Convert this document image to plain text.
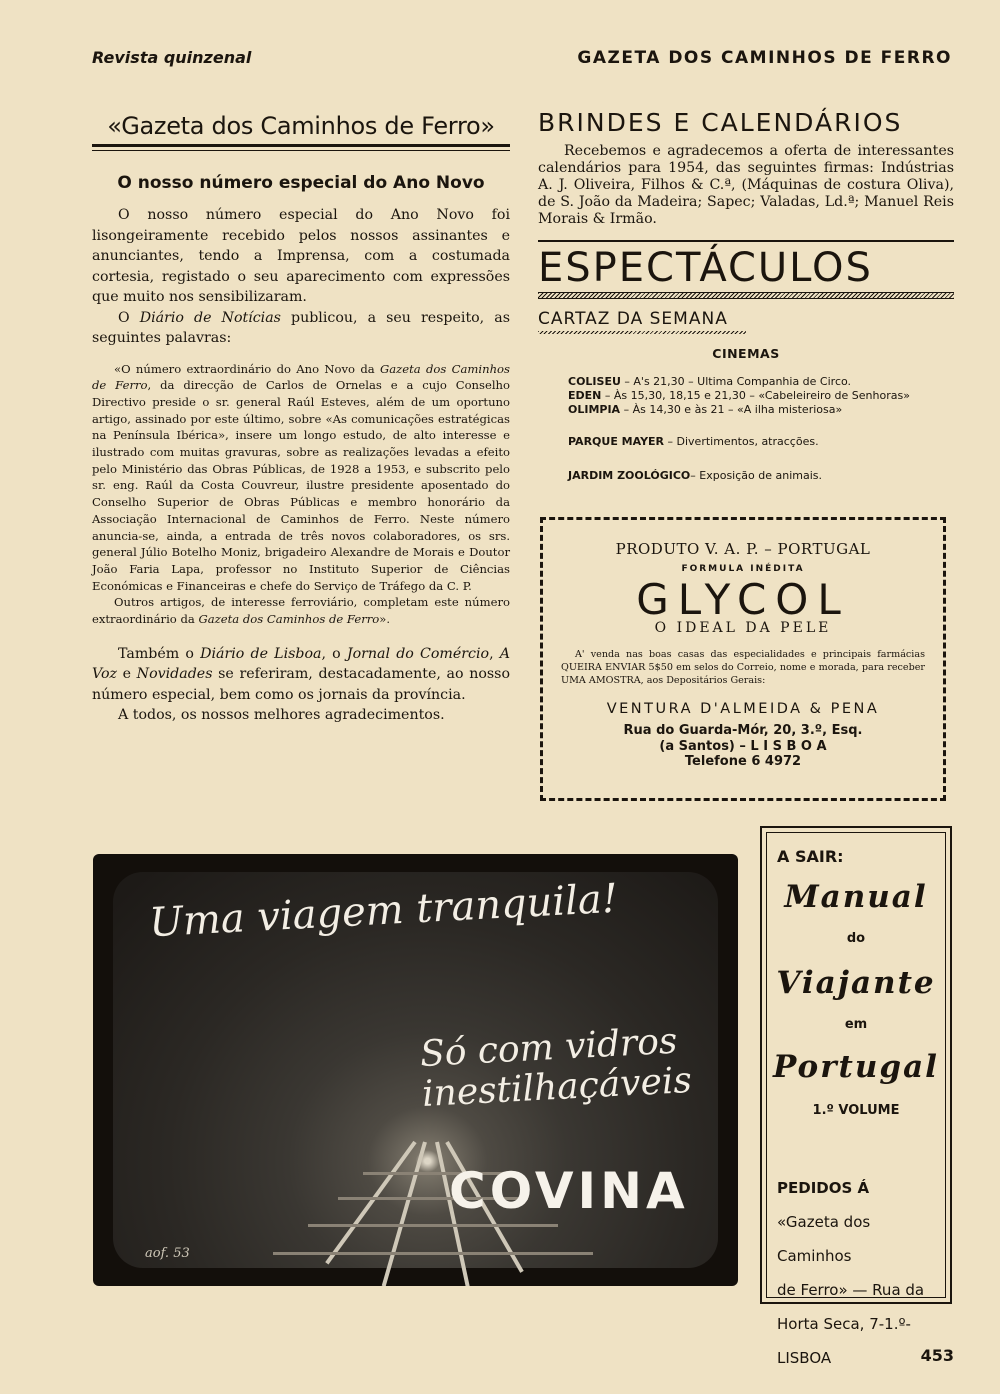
Revista quinzenal	GAZETA DOS CAMINHOS DE FERRO
«Gazeta dos Caminhos de Ferro»
O nosso número especial do Ano Novo

O nosso número especial do Ano Novo foi lisongeiramente recebido pelos nossos assinantes e anunciantes, tendo a Imprensa, com a costumada cortesia, registado o seu aparecimento com expressões que muito nos sensibilizaram.

O Diário de Notícias publicou, a seu respeito, as seguintes palavras:

«O número extraordinário do Ano Novo da Gazeta dos Caminhos de Ferro, da direcção de Carlos de Ornelas e a cujo Conselho Directivo preside o sr. general Raúl Esteves, além de um oportuno artigo, assinado por este último, sobre «As comunicações estratégicas na Península Ibérica», insere um longo estudo, de alto interesse e ilustrado com muitas gravuras, sobre as realizações levadas a efeito pelo Ministério das Obras Públicas, de 1928 a 1953, e subscrito pelo sr. eng. Raúl da Costa Couvreur, ilustre presidente aposentado do Conselho Superior de Obras Públicas e membro honorário da Associação Internacional de Caminhos de Ferro. Neste número anuncia-se, ainda, a entrada de três novos colaboradores, os srs. general Júlio Botelho Moniz, brigadeiro Alexandre de Morais e Doutor João Faria Lapa, professor no Instituto Superior de Ciências Económicas e Financeiras e chefe do Serviço de Tráfego da C. P.

Outros artigos, de interesse ferroviário, completam este número extraordinário da Gazeta dos Caminhos de Ferro».

Também o Diário de Lisboa, o Jornal do Comércio, A Voz e Novidades se referiram, destacadamente, ao nosso número especial, bem como os jornais da província.

A todos, os nossos melhores agradecimentos.

BRINDES E CALENDÁRIOS
Recebemos e agradecemos a oferta de interessantes calendários para 1954, das seguintes firmas: Indústrias A. J. Oliveira, Filhos & C.ª, (Máquinas de costura Oliva), de S. João da Madeira; Sapec; Valadas, Ld.ª; Manuel Reis Morais & Irmão.
ESPECTÁCULOS
CARTAZ DA SEMANA
CINEMAS
COLISEU – A's 21,30 – Ultima Companhia de Circo.
EDEN – Às 15,30, 18,15 e 21,30 – «Cabeleireiro de Senhoras»
OLIMPIA – Às 14,30 e às 21 – «A ilha misteriosa»
PARQUE MAYER – Divertimentos, atracções.
JARDIM ZOOLÓGICO– Exposição de animais.
PRODUTO V. A. P. – PORTUGAL
FORMULA INÉDITA
GLYCOL
O IDEAL DA PELE
A' venda nas boas casas das especialidades e principais farmácias QUEIRA ENVIAR 5$50 em selos do Correio, nome e morada, para receber UMA AMOSTRA, aos Depositários Gerais:
VENTURA D'ALMEIDA & PENA
Rua do Guarda-Mór, 20, 3.º, Esq.
(a Santos) – L I S B O A
Telefone 6 4972
Uma viagem tranquila!
Só com vidros
inestilhaçáveis
COVINA
aof. 53
A SAIR:
Manual
do
Viajante
em
Portugal
1.º VOLUME
PEDIDOS Á
«Gazeta dos Caminhos
de Ferro» — Rua da
Horta Seca, 7-1.º-LISBOA	453
